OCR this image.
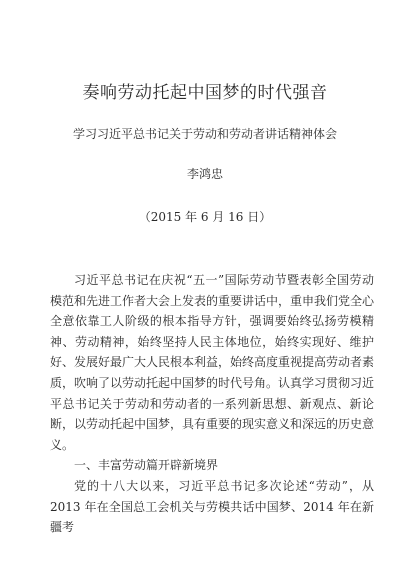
奏响劳动托起中国梦的时代强音
学习习近平总书记关于劳动和劳动者讲话精神体会
李鸿忠
（2015 年 6 月 16 日）

习近平总书记在庆祝“五一”国际劳动节暨表彰全国劳动模范和先进工作者大会上发表的重要讲话中，重申我们党全心全意依靠工人阶级的根本指导方针，强调要始终弘扬劳模精神、劳动精神，始终坚持人民主体地位，始终实现好、维护好、发展好最广大人民根本利益，始终高度重视提高劳动者素质，吹响了以劳动托起中国梦的时代号角。认真学习贯彻习近平总书记关于劳动和劳动者的一系列新思想、新观点、新论断，以劳动托起中国梦，具有重要的现实意义和深远的历史意义。

一、丰富劳动篇开辟新境界

党的十八大以来，习近平总书记多次论述“劳动”，从 2013 年在全国总工会机关与劳模共话中国梦、2014 年在新疆考
